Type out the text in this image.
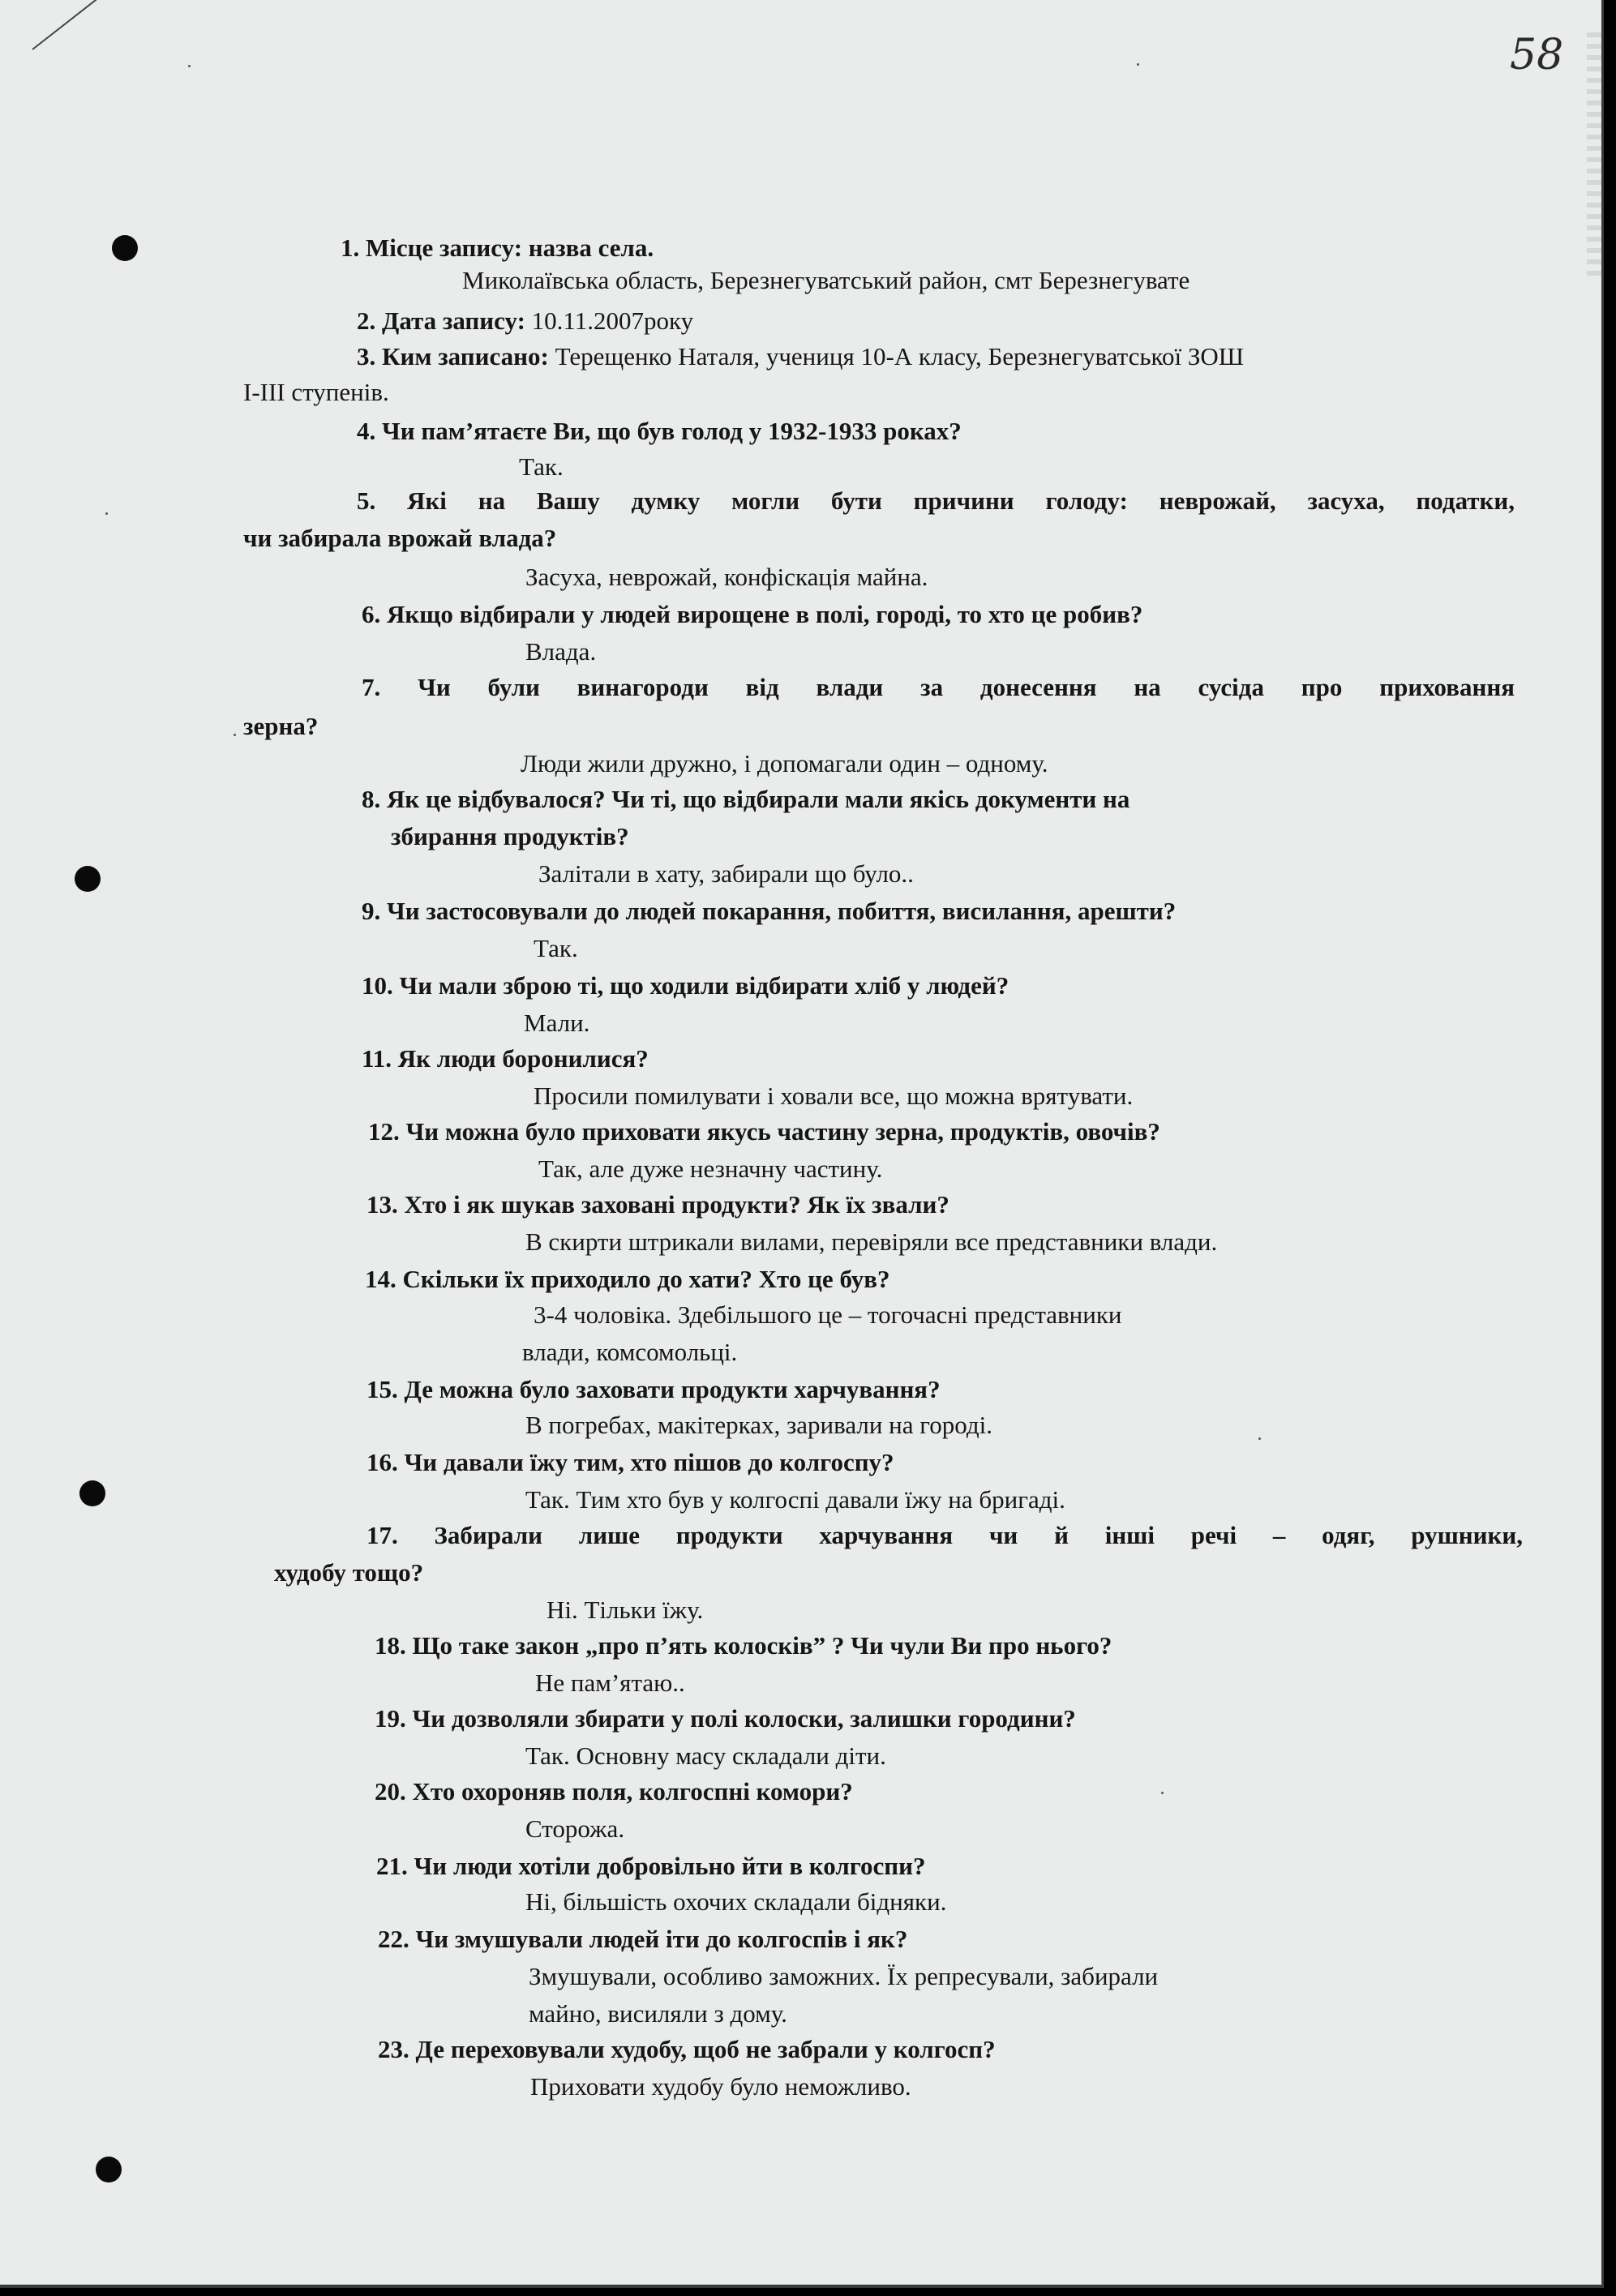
58

1. Місце запису: назва села.

Миколаївська область, Березнегуватський район, смт Березнегувате

2. Дата запису: 10.11.2007року

3. Ким записано: Терещенко Наталя, учениця 10-А класу, Березнегуватської ЗОШ

І-ІІІ ступенів.

4. Чи пам’ятаєте Ви, що був голод у 1932-1933 роках?

Так.

5. Які на Вашу думку могли бути причини голоду: неврожай, засуха, податки,

чи забирала врожай влада?

Засуха, неврожай, конфіскація майна.

6. Якщо відбирали у людей вирощене в полі, городі, то хто це робив?

Влада.

7. Чи були винагороди від влади за донесення на сусіда про приховання

зерна?

Люди жили дружно, і допомагали один – одному.

8. Як це відбувалося? Чи ті, що відбирали мали якісь документи на

збирання продуктів?

Залітали в хату, забирали що було..

9. Чи застосовували до людей покарання, побиття, висилання, арешти?

Так.

10. Чи мали зброю ті, що ходили відбирати хліб у людей?

Мали.

11. Як люди боронилися?

Просили помилувати і ховали все, що можна врятувати.

12. Чи можна було приховати якусь частину зерна, продуктів, овочів?

Так, але дуже незначну частину.

13. Хто і як шукав заховані продукти? Як їх звали?

В скирти штрикали вилами, перевіряли все представники влади.

14. Скільки їх приходило до хати? Хто це був?

3-4 чоловіка. Здебільшого це – тогочасні представники

влади, комсомольці.

15. Де можна було заховати продукти харчування?

В погребах, макітерках, заривали на городі.

16. Чи давали їжу тим, хто пішов до колгоспу?

Так. Тим хто був у колгоспі давали їжу на бригаді.

17. Забирали лише продукти харчування чи й інші речі – одяг, рушники,

худобу тощо?

Ні. Тільки їжу.

18. Що таке закон „про п’ять колосків” ? Чи чули Ви про нього?

Не пам’ятаю..

19. Чи дозволяли збирати у полі колоски, залишки городини?

Так. Основну масу складали діти.

20. Хто охороняв поля, колгоспні комори?

Сторожа.

21. Чи люди хотіли добровільно йти в колгоспи?

Ні, більшість охочих складали бідняки.

22. Чи змушували людей іти до колгоспів і як?

Змушували, особливо заможних. Їх репресували, забирали

майно, висиляли з дому.

23. Де переховували худобу, щоб не забрали у колгосп?

Приховати худобу було неможливо.
